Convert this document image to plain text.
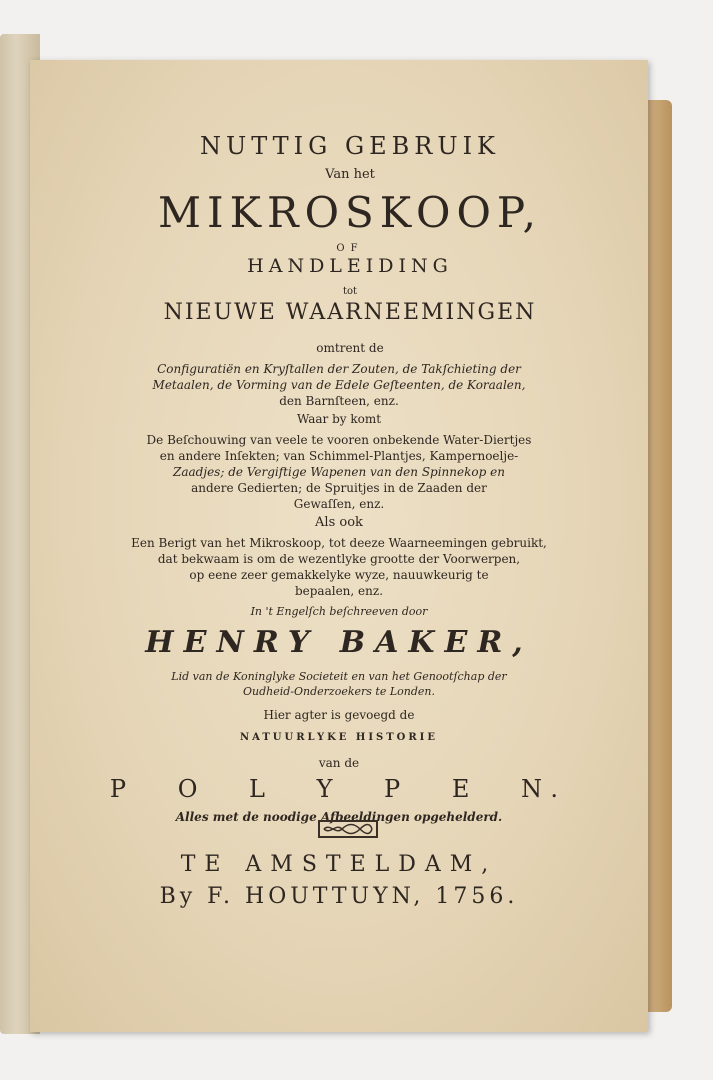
NUTTIG GEBRUIK
Van het
MIKROSKOOP,
OF
HANDLEIDING
tot
NIEUWE WAARNEEMINGEN
omtrent de
Configuratiën en Kryſtallen der Zouten, de Takſchieting der
Metaalen, de Vorming van de Edele Geſteenten, de Koraalen,
den Barnſteen, enz.
Waar by komt
De Beſchouwing van veele te vooren onbekende Water-Diertjes
en andere Inſekten; van Schimmel-Plantjes, Kampernoelje-
Zaadjes; de Vergiftige Wapenen van den Spinnekop en
andere Gedierten; de Spruitjes in de Zaaden der
Gewaſſen, enz.
Als ook
Een Berigt van het Mikroskoop, tot deeze Waarneemingen gebruikt,
dat bekwaam is om de wezentlyke grootte der Voorwerpen,
op eene zeer gemakkelyke wyze, nauuwkeurig te
bepaalen, enz.
In 't Engelſch beſchreeven door
HENRY BAKER,
Lid van de Koninglyke Societeit en van het Genootſchap der
Oudheid-Onderzoekers te Londen.
Hier agter is gevoegd de
NATUURLYKE HISTORIE
van de
P O L Y P E N.
Alles met de noodige Afbeeldingen opgehelderd.
TE AMSTELDAM,
By F. HOUTTUYN, 1756.
